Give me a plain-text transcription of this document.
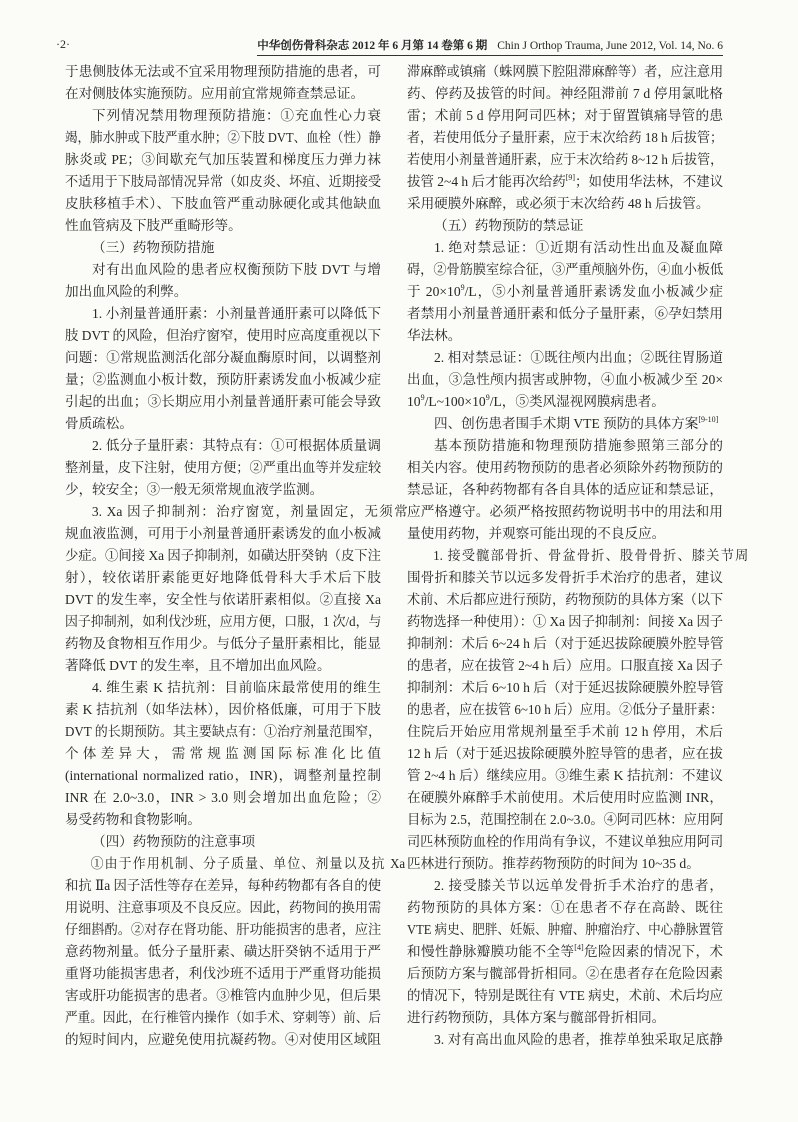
·2·	中华创伤骨科杂志 2012 年 6 月第 14 卷第 6 期 Chin J Orthop Trauma, June 2012, Vol. 14, No. 6
于患侧肢体无法或不宜采用物理预防措施的患者，可
在对侧肢体实施预防。应用前宜常规筛查禁忌证。
下列情况禁用物理预防措施：①充血性心力衰
竭，肺水肿或下肢严重水肿；②下肢 DVT、血栓（性）静
脉炎或 PE；③间歇充气加压装置和梯度压力弹力袜
不适用于下肢局部情况异常（如皮炎、坏疽、近期接受
皮肤移植手术）、下肢血管严重动脉硬化或其他缺血
性血管病及下肢严重畸形等。
（三）药物预防措施
对有出血风险的患者应权衡预防下肢 DVT 与增
加出血风险的利弊。
1. 小剂量普通肝素：小剂量普通肝素可以降低下
肢 DVT 的风险，但治疗窗窄，使用时应高度重视以下
问题：①常规监测活化部分凝血酶原时间，以调整剂
量；②监测血小板计数，预防肝素诱发血小板减少症
引起的出血；③长期应用小剂量普通肝素可能会导致
骨质疏松。
2. 低分子量肝素：其特点有：①可根据体质量调
整剂量，皮下注射，使用方便；②严重出血等并发症较
少，较安全；③一般无须常规血液学监测。
3. Xa 因子抑制剂：治疗窗宽，剂量固定，无须常
规血液监测，可用于小剂量普通肝素诱发的血小板减
少症。①间接 Xa 因子抑制剂，如磺达肝癸钠（皮下注
射），较依诺肝素能更好地降低骨科大手术后下肢
DVT 的发生率，安全性与依诺肝素相似。②直接 Xa
因子抑制剂，如利伐沙班，应用方便，口服，1 次/d，与
药物及食物相互作用少。与低分子量肝素相比，能显
著降低 DVT 的发生率，且不增加出血风险。
4. 维生素 K 拮抗剂：目前临床最常使用的维生
素 K 拮抗剂（如华法林），因价格低廉，可用于下肢
DVT 的长期预防。其主要缺点有：①治疗剂量范围窄，
个体差异大，需常规监测国际标准化比值
(international normalized ratio，INR)，调整剂量控制
INR 在 2.0~3.0，INR > 3.0 则会增加出血危险；②
易受药物和食物影响。
（四）药物预防的注意事项
①由于作用机制、分子质量、单位、剂量以及抗 Xa
和抗 Ⅱa 因子活性等存在差异，每种药物都有各自的使
用说明、注意事项及不良反应。因此，药物间的换用需
仔细斟酌。②对存在肾功能、肝功能损害的患者，应注
意药物剂量。低分子量肝素、磺达肝癸钠不适用于严
重肾功能损害患者，利伐沙班不适用于严重肾功能损
害或肝功能损害的患者。③椎管内血肿少见，但后果
严重。因此，在行椎管内操作（如手术、穿刺等）前、后
的短时间内，应避免使用抗凝药物。④对使用区域阻
滞麻醉或镇痛（蛛网膜下腔阻滞麻醉等）者，应注意用
药、停药及拔管的时间。神经阻滞前 7 d 停用氯吡格
雷；术前 5 d 停用阿司匹林；对于留置镇痛导管的患
者，若使用低分子量肝素，应于末次给药 18 h 后拔管；
若使用小剂量普通肝素，应于末次给药 8~12 h 后拔管，
拔管 2~4 h 后才能再次给药[9]；如使用华法林，不建议
采用硬膜外麻醉，或必须于末次给药 48 h 后拔管。
（五）药物预防的禁忌证
1. 绝对禁忌证：①近期有活动性出血及凝血障
碍，②骨筋膜室综合征，③严重颅脑外伤，④血小板低
于 $20\times 10^9/L$，⑤小剂量普通肝素诱发血小板减少症
者禁用小剂量普通肝素和低分子量肝素，⑥孕妇禁用
华法林。
2. 相对禁忌证：①既往颅内出血；②既往胃肠道
出血，③急性颅内损害或肿物，④血小板减少至 20×
$10^9/L\sim 100\times 10^9/L$，⑤类风湿视网膜病患者。
四、创伤患者围手术期 VTE 预防的具体方案[9-10]
基本预防措施和物理预防措施参照第三部分的
相关内容。使用药物预防的患者必须除外药物预防的
禁忌证，各种药物都有各自具体的适应证和禁忌证，
应严格遵守。必须严格按照药物说明书中的用法和用
量使用药物，并观察可能出现的不良反应。
1. 接受髋部骨折、骨盆骨折、股骨骨折、膝关节周
围骨折和膝关节以远多发骨折手术治疗的患者，建议
术前、术后都应进行预防，药物预防的具体方案（以下
药物选择一种使用）：① Xa 因子抑制剂：间接 Xa 因子
抑制剂：术后 6~24 h 后（对于延迟拔除硬膜外腔导管
的患者，应在拔管 2~4 h 后）应用。口服直接 Xa 因子
抑制剂：术后 6~10 h 后（对于延迟拔除硬膜外腔导管
的患者，应在拔管 6~10 h 后）应用。②低分子量肝素：
住院后开始应用常规剂量至手术前 12 h 停用，术后
12 h 后（对于延迟拔除硬膜外腔导管的患者，应在拔
管 2~4 h 后）继续应用。③维生素 K 拮抗剂：不建议
在硬膜外麻醉手术前使用。术后使用时应监测 INR，
目标为 2.5，范围控制在 2.0~3.0。④阿司匹林：应用阿
司匹林预防血栓的作用尚有争议，不建议单独应用阿司
匹林进行预防。推荐药物预防的时间为 10~35 d。
2. 接受膝关节以远单发骨折手术治疗的患者，
药物预防的具体方案：①在患者不存在高龄、既往
VTE 病史、肥胖、妊娠、肿瘤、肿瘤治疗、中心静脉置管
和慢性静脉瓣膜功能不全等[4]危险因素的情况下，术
后预防方案与髋部骨折相同。②在患者存在危险因素
的情况下，特别是既往有 VTE 病史，术前、术后均应
进行药物预防，具体方案与髋部骨折相同。
3. 对有高出血风险的患者，推荐单独采取足底静
